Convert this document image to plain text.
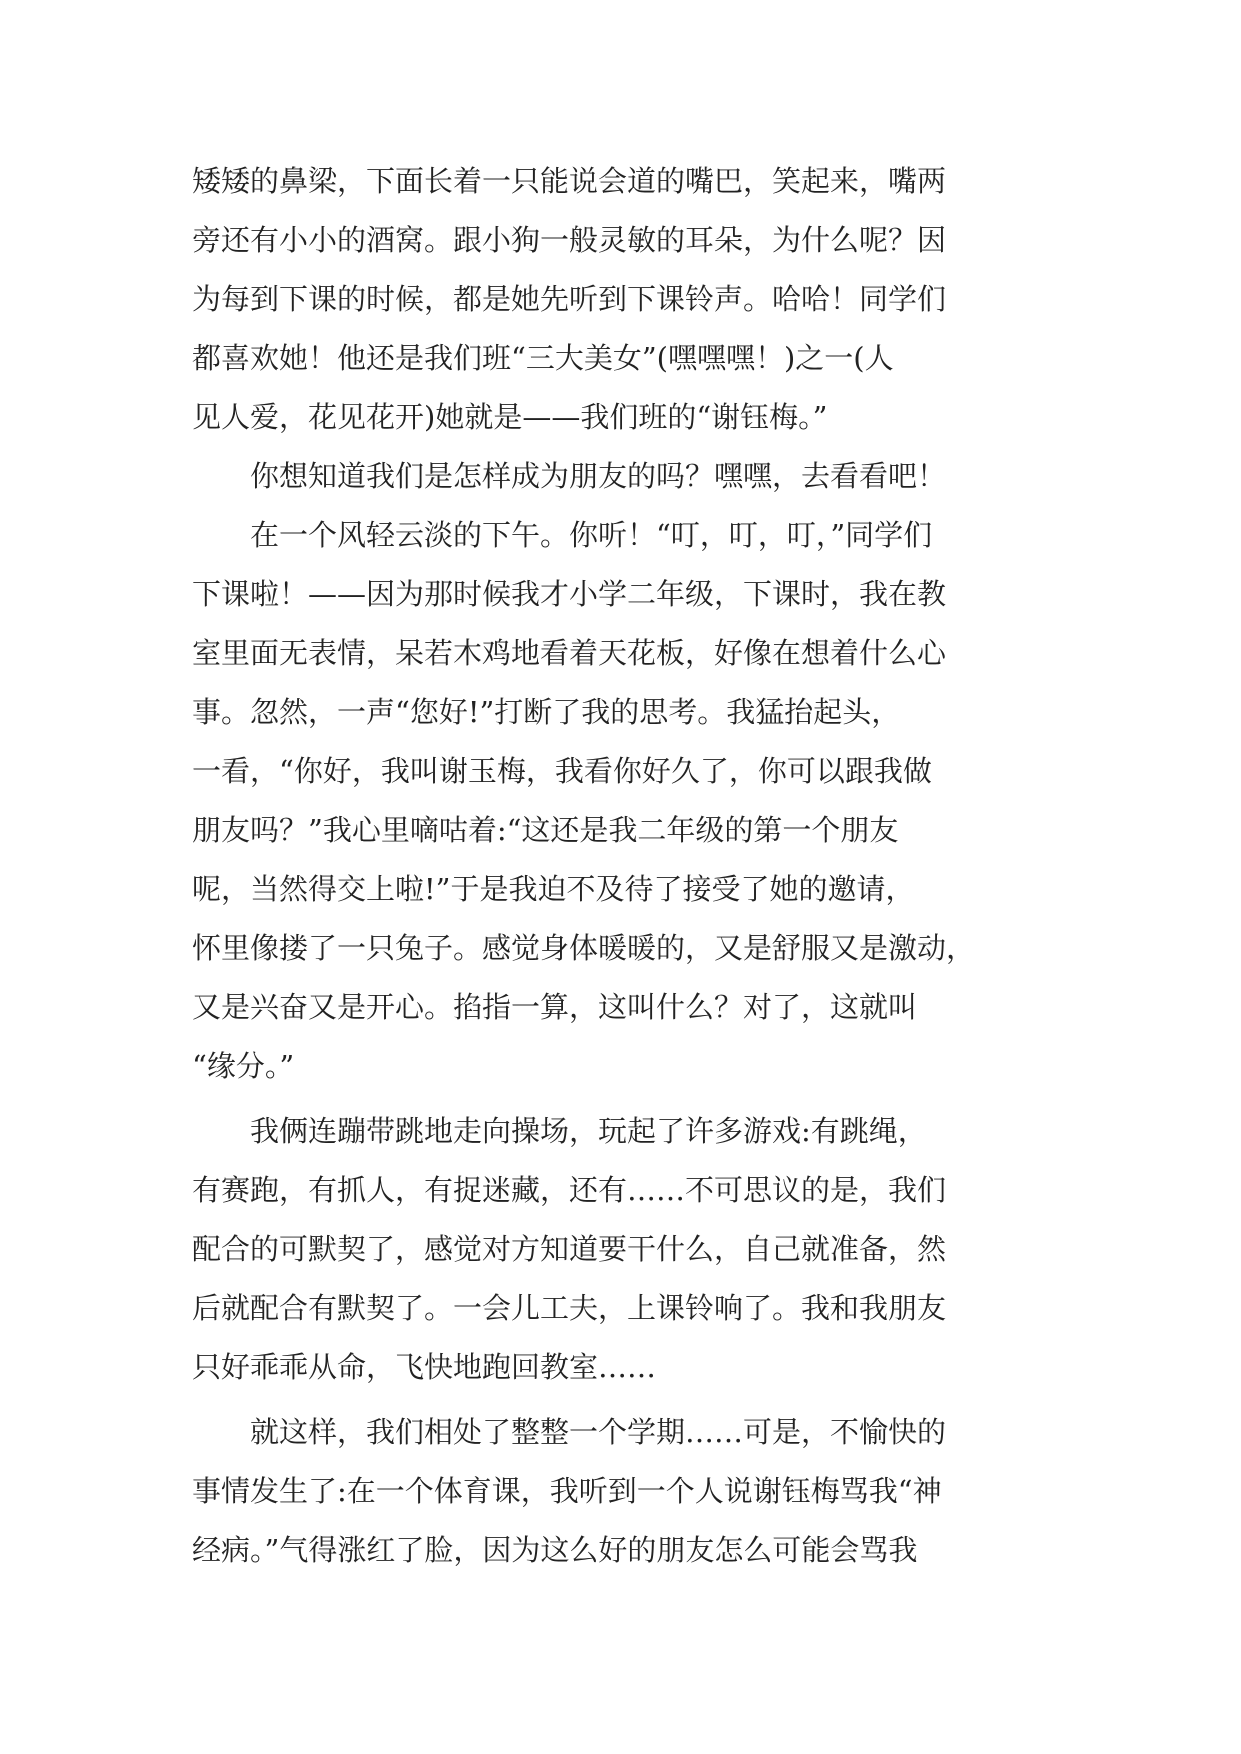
矮矮的鼻梁，下面长着一只能说会道的嘴巴，笑起来，嘴两
旁还有小小的酒窝。跟小狗一般灵敏的耳朵，为什么呢？因
为每到下课的时候，都是她先听到下课铃声。哈哈！同学们
都喜欢她！他还是我们班“三大美女”(嘿嘿嘿！)之一(人
见人爱，花见花开)她就是——我们班的“谢钰梅。”
　　你想知道我们是怎样成为朋友的吗？嘿嘿，去看看吧！
　　在一个风轻云淡的下午。你听！“叮，叮，叮，”同学们
下课啦！——因为那时候我才小学二年级，下课时，我在教
室里面无表情，呆若木鸡地看着天花板，好像在想着什么心
事。忽然，一声“您好!”打断了我的思考。我猛抬起头，
一看，“你好，我叫谢玉梅，我看你好久了，你可以跟我做
朋友吗？”我心里嘀咕着:“这还是我二年级的第一个朋友
呢，当然得交上啦!”于是我迫不及待了接受了她的邀请，
怀里像搂了一只兔子。感觉身体暖暖的，又是舒服又是激动，
又是兴奋又是开心。掐指一算，这叫什么？对了，这就叫
“缘分。”
　　我俩连蹦带跳地走向操场，玩起了许多游戏:有跳绳，
有赛跑，有抓人，有捉迷藏，还有……不可思议的是，我们
配合的可默契了，感觉对方知道要干什么，自己就准备，然
后就配合有默契了。一会儿工夫，上课铃响了。我和我朋友
只好乖乖从命，飞快地跑回教室……
　　就这样，我们相处了整整一个学期……可是，不愉快的
事情发生了:在一个体育课，我听到一个人说谢钰梅骂我“神
经病。”气得涨红了脸，因为这么好的朋友怎么可能会骂我
